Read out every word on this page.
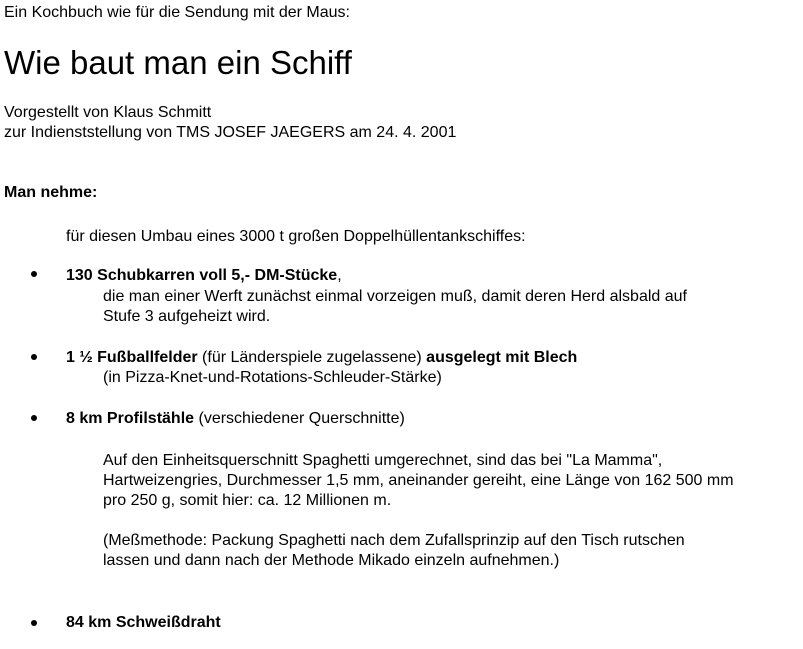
Ein Kochbuch wie für die Sendung mit der Maus:
Wie baut man ein Schiff
Vorgestellt von Klaus Schmitt
zur Indienststellung von TMS JOSEF JAEGERS am 24. 4. 2001
Man nehme:
für diesen Umbau eines 3000 t großen Doppelhüllentankschiffes:
130 Schubkarren voll 5,- DM-Stücke,
die man einer Werft zunächst einmal vorzeigen muß, damit deren Herd alsbald auf
Stufe 3 aufgeheizt wird.
1 ½ Fußballfelder (für Länderspiele zugelassene) ausgelegt mit Blech
(in Pizza-Knet-und-Rotations-Schleuder-Stärke)
8 km Profilstähle (verschiedener Querschnitte)
Auf den Einheitsquerschnitt Spaghetti umgerechnet, sind das bei "La Mamma",
Hartweizengries, Durchmesser 1,5 mm, aneinander gereiht, eine Länge von 162 500 mm
pro 250 g, somit hier: ca. 12 Millionen m.
(Meßmethode: Packung Spaghetti nach dem Zufallsprinzip auf den Tisch rutschen
lassen und dann nach der Methode Mikado einzeln aufnehmen.)
84 km Schweißdraht
